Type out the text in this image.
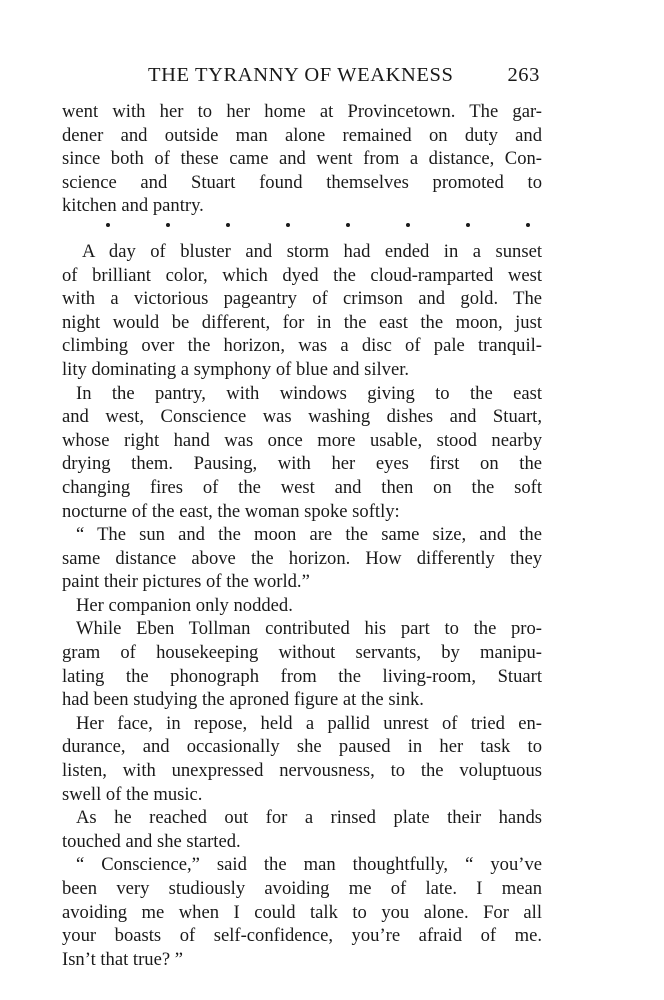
THE TYRANNY OF WEAKNESS	263

went with her to her home at Provincetown. The gar-
dener and outside man alone remained on duty and
since both of these came and went from a distance, Con-
science and Stuart found themselves promoted to
kitchen and pantry.

A day of bluster and storm had ended in a sunset
of brilliant color, which dyed the cloud-ramparted west
with a victorious pageantry of crimson and gold. The
night would be different, for in the east the moon, just
climbing over the horizon, was a disc of pale tranquil-
lity dominating a symphony of blue and silver.

In the pantry, with windows giving to the east
and west, Conscience was washing dishes and Stuart,
whose right hand was once more usable, stood nearby
drying them. Pausing, with her eyes first on the
changing fires of the west and then on the soft
nocturne of the east, the woman spoke softly:

“ The sun and the moon are the same size, and the
same distance above the horizon. How differently they
paint their pictures of the world.”

Her companion only nodded.

While Eben Tollman contributed his part to the pro-
gram of housekeeping without servants, by manipu-
lating the phonograph from the living-room, Stuart
had been studying the aproned figure at the sink.

Her face, in repose, held a pallid unrest of tried en-
durance, and occasionally she paused in her task to
listen, with unexpressed nervousness, to the voluptuous
swell of the music.

As he reached out for a rinsed plate their hands
touched and she started.

“ Conscience,” said the man thoughtfully, “ you’ve
been very studiously avoiding me of late. I mean
avoiding me when I could talk to you alone. For all
your boasts of self-confidence, you’re afraid of me.
Isn’t that true? ”
